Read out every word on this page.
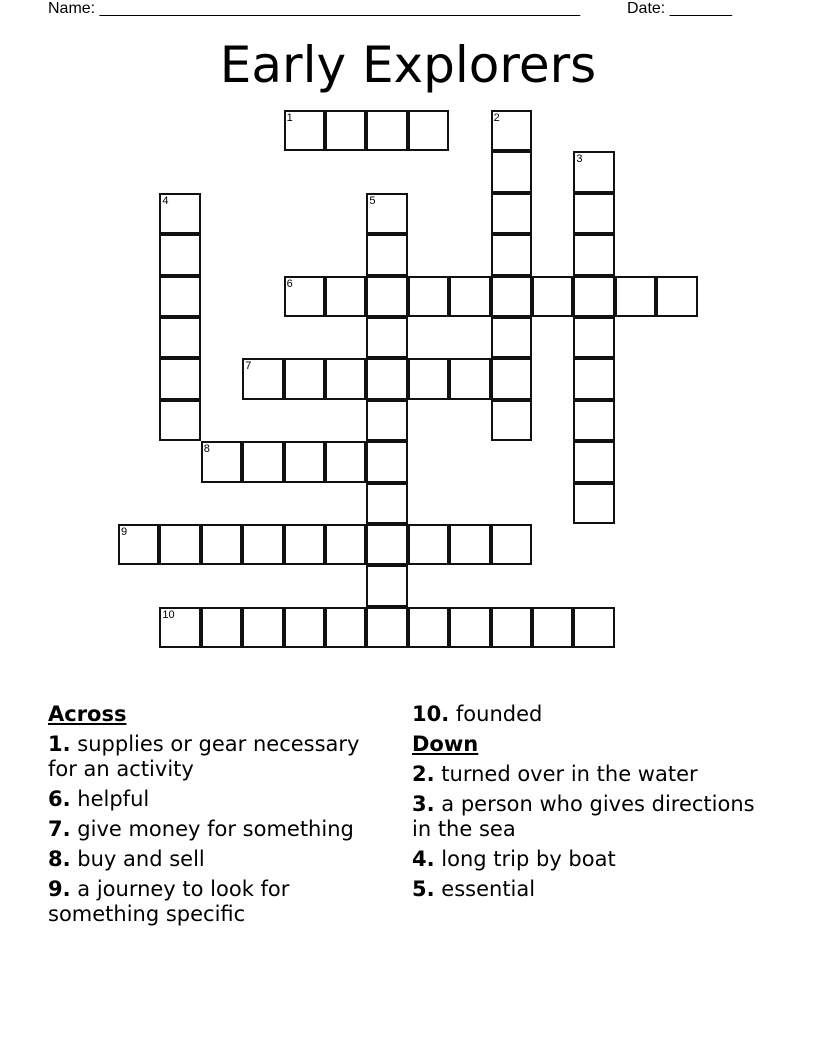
Name: ______________________________________________________	Date: _______
Early Explorers
1	2
3
4	5
6
7
8
9
10
Across
1. supplies or gear necessary for an activity
6. helpful
7. give money for something
8. buy and sell
9. a journey to look for something specific
10. founded
Down
2. turned over in the water
3. a person who gives directions in the sea
4. long trip by boat
5. essential
